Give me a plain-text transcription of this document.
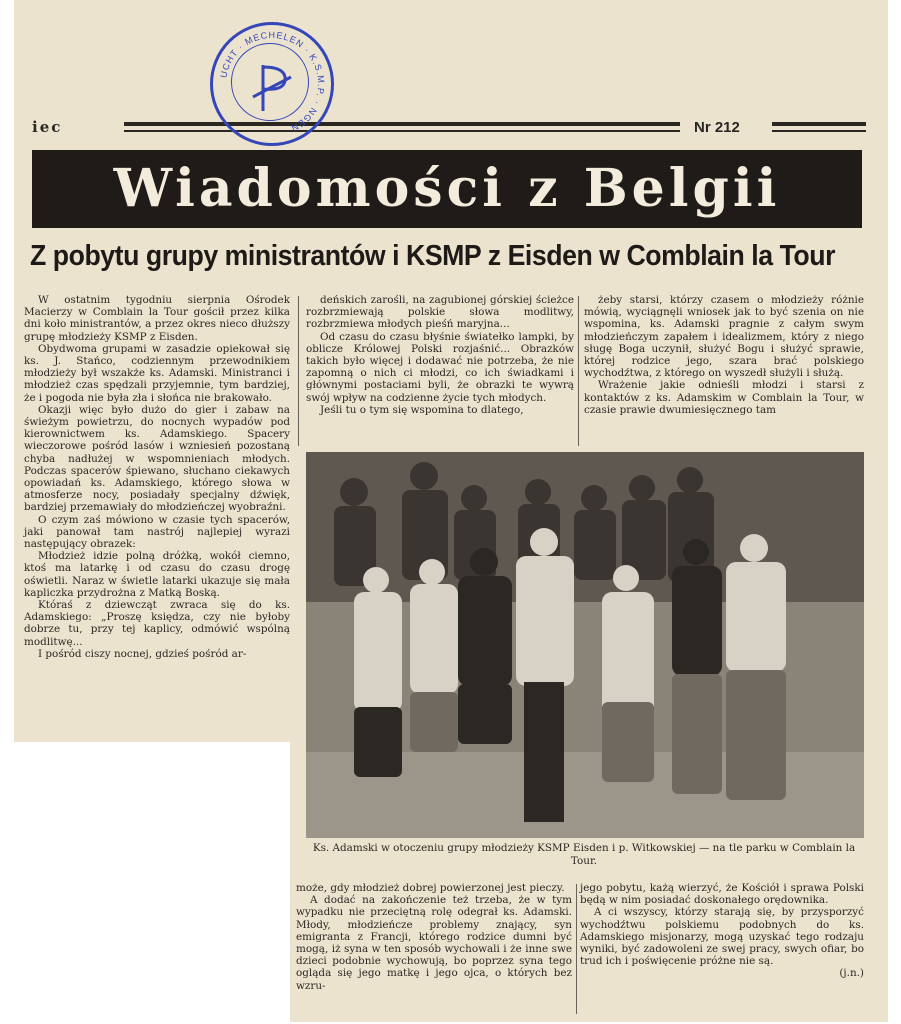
iec	Nr 212
UCHT · MECHELEN · K.S.M.P. · NGEN
Wiadomości z Belgii
Z pobytu grupy ministrantów i KSMP z Eisden w Comblain la Tour

W ostatnim tygodniu sierpnia Ośrodek Macierzy w Comblain la Tour gościł przez kilka dni koło ministrantów, a przez okres nieco dłuższy grupę młodzieży KSMP z Eisden.

Obydwoma grupami w zasadzie opiekował się ks. J. Stańco, codziennym przewodnikiem młodzieży był wszakże ks. Adamski. Ministranci i młodzież czas spędzali przyjemnie, tym bardziej, że i pogoda nie była zła i słońca nie brakowało.

Okazji więc było dużo do gier i zabaw na świeżym powietrzu, do nocnych wypadów pod kierownictwem ks. Adamskiego. Spacery wieczorowe pośród lasów i wzniesień pozostaną chyba nadłużej w wspomnieniach młodych. Podczas spacerów śpiewano, słuchano ciekawych opowiadań ks. Adamskiego, którego słowa w atmosferze nocy, posiadały specjalny dźwięk, bardziej przemawiały do młodzieńczej wyobraźni.

O czym zaś mówiono w czasie tych spacerów, jaki panował tam nastrój najlepiej wyrazi następujący obrazek:

Młodzież idzie polną dróżką, wokół ciemno, ktoś ma latarkę i od czasu do czasu drogę oświetli. Naraz w świetle latarki ukazuje się mała kapliczka przydrożna z Matką Boską.

Któraś z dziewcząt zwraca się do ks. Adamskiego: „Proszę księdza, czy nie byłoby dobrze tu, przy tej kaplicy, odmówić wspólną modlitwę...

I pośród ciszy nocnej, gdzieś pośród ar-

deńskich zarośli, na zagubionej górskiej ścieżce rozbrzmiewają polskie słowa modlitwy, rozbrzmiewa młodych pieśń maryjna...

Od czasu do czasu błyśnie światełko lampki, by oblicze Królowej Polski rozjaśnić... Obrazków takich było więcej i dodawać nie potrzeba, że nie zapomną o nich ci młodzi, co ich świadkami i głównymi postaciami byli, że obrazki te wywrą swój wpływ na codzienne życie tych młodych.

Jeśli tu o tym się wspomina to dlatego,

żeby starsi, którzy czasem o młodzieży różnie mówią, wyciągnęli wniosek jak to być szenia on nie wspomina, ks. Adamski pragnie z całym swym młodzieńczym zapałem i idealizmem, który z niego sługę Boga uczynił, służyć Bogu i służyć sprawie, której rodzice jego, szara brać polskiego wychodźtwa, z którego on wyszedł służyli i służą.

Wrażenie jakie odnieśli młodzi i starsi z kontaktów z ks. Adamskim w Comblain la Tour, w czasie prawie dwumiesięcznego tam

Ks. Adamski w otoczeniu grupy młodzieży KSMP Eisden i p. Witkowskiej — na tle parku w Comblain la Tour.

może, gdy młodzież dobrej powierzonej jest pieczy.

A dodać na zakończenie też trzeba, że w tym wypadku nie przeciętną rolę odegrał ks. Adamski. Młody, młodzieńcze problemy znający, syn emigranta z Francji, którego rodzice dumni być mogą, iż syna w ten sposób wychowali i że inne swe dzieci podobnie wychowują, bo poprzez syna tego ogląda się jego matkę i jego ojca, o których bez wzru-

jego pobytu, każą wierzyć, że Kościół i sprawa Polski będą w nim posiadać doskonałego orędownika.

A ci wszyscy, którzy starają się, by przysporzyć wychodźtwu polskiemu podobnych do ks. Adamskiego misjonarzy, mogą uzyskać tego rodzaju wyniki, być zadowoleni ze swej pracy, swych ofiar, bo trud ich i poświęcenie próżne nie są.

(j.n.)
